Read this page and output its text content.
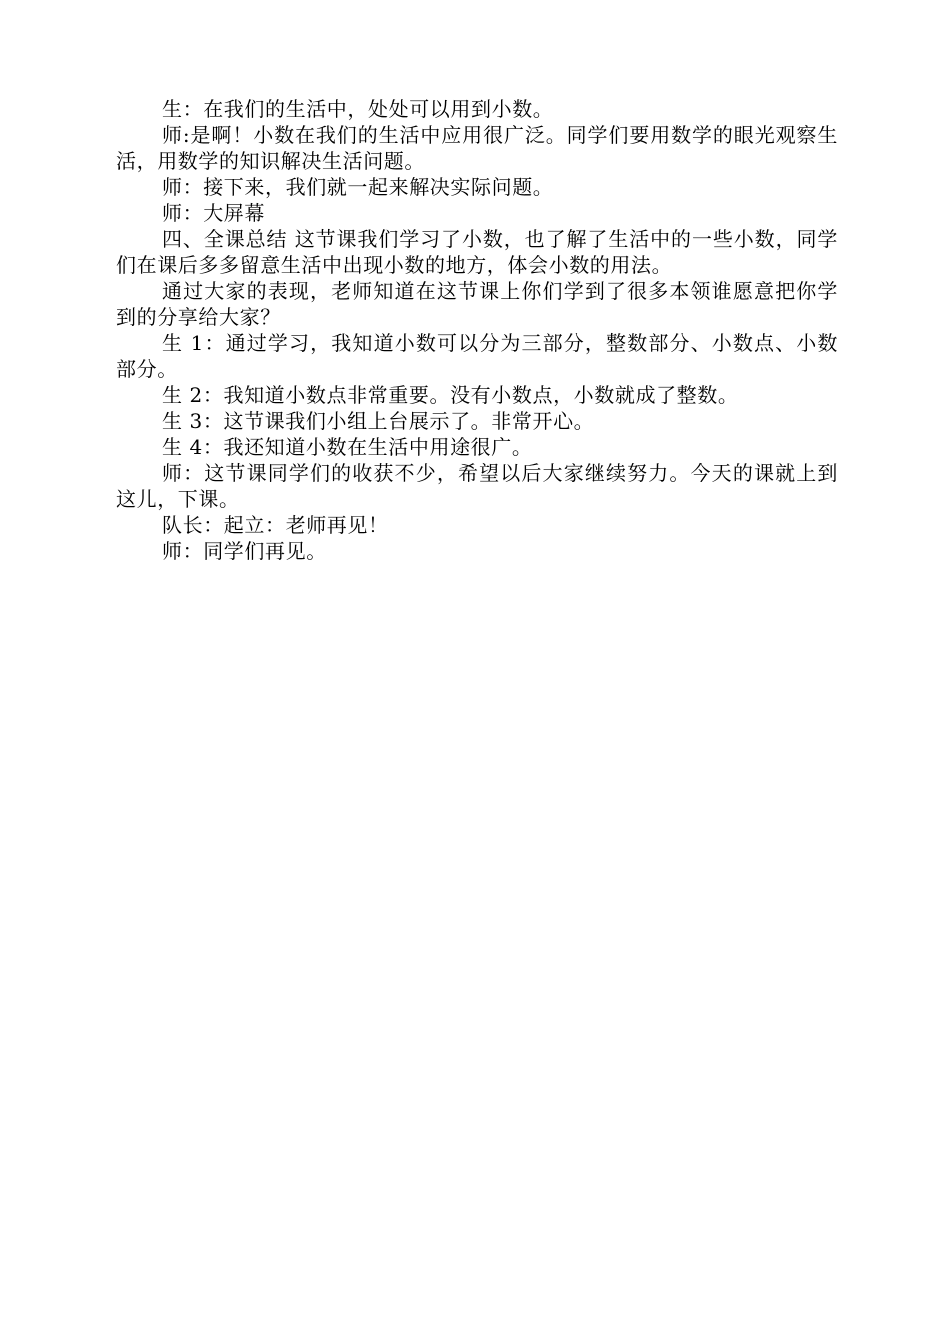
生：在我们的生活中，处处可以用到小数。

师:是啊！小数在我们的生活中应用很广泛。同学们要用数学的眼光观察生活，用数学的知识解决生活问题。

师：接下来，我们就一起来解决实际问题。

师：大屏幕

四、全课总结 这节课我们学习了小数，也了解了生活中的一些小数，同学们在课后多多留意生活中出现小数的地方，体会小数的用法。

通过大家的表现，老师知道在这节课上你们学到了很多本领谁愿意把你学到的分享给大家？

生 1：通过学习，我知道小数可以分为三部分，整数部分、小数点、小数部分。

生 2：我知道小数点非常重要。没有小数点，小数就成了整数。

生 3：这节课我们小组上台展示了。非常开心。

生 4：我还知道小数在生活中用途很广。

师：这节课同学们的收获不少，希望以后大家继续努力。今天的课就上到这儿，下课。

队长：起立：老师再见！

师：同学们再见。
